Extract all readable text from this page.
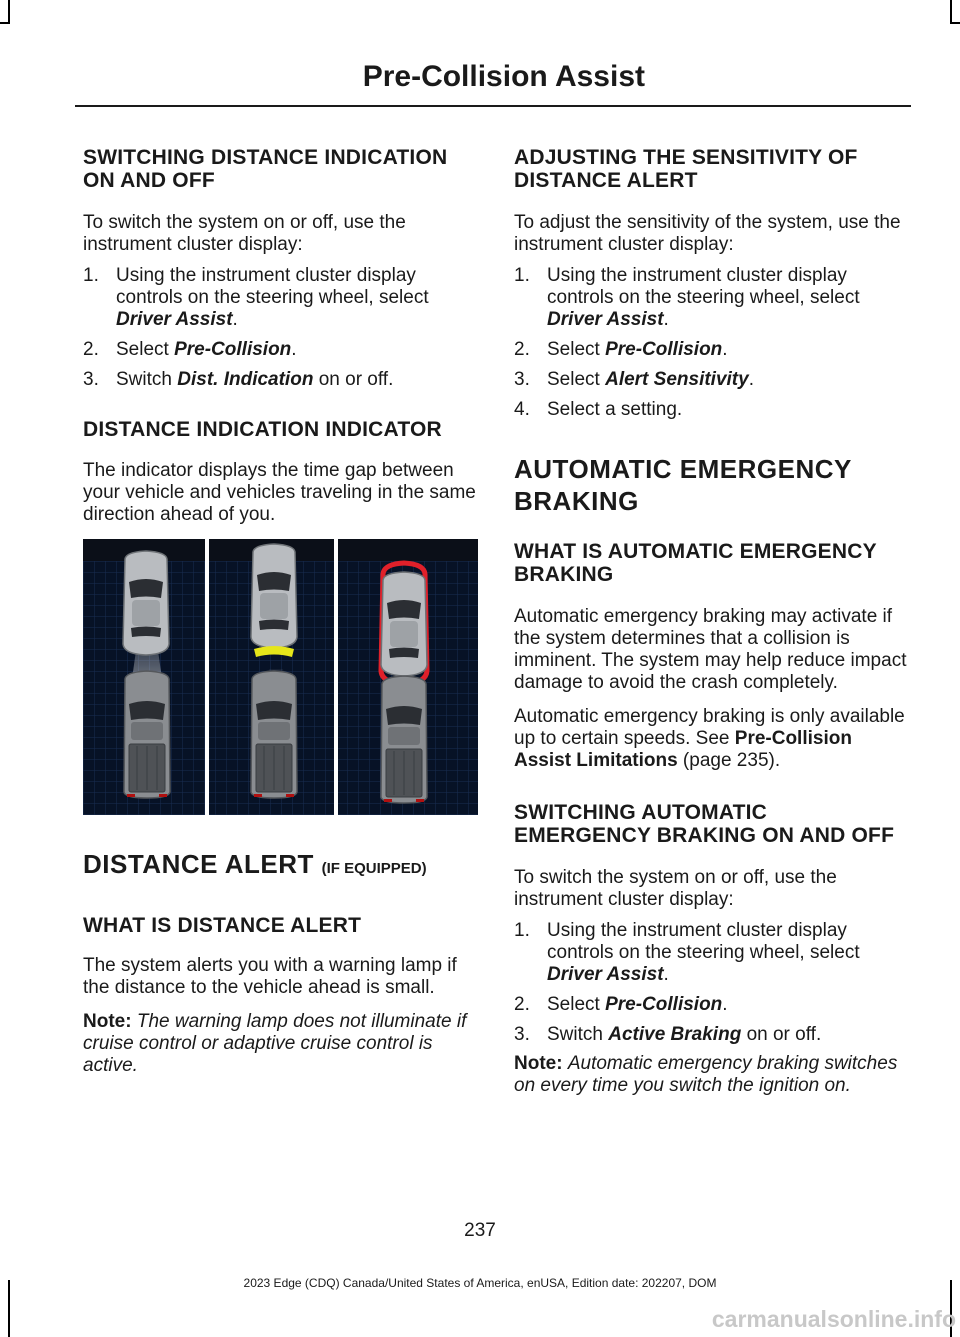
Pre-Collision Assist
SWITCHING DISTANCE INDICATION ON AND OFF

To switch the system on or off, use the instrument cluster display:

1. Using the instrument cluster display controls on the steering wheel, select Driver Assist.
2. Select Pre-Collision.
3. Switch Dist. Indication on or off.
DISTANCE INDICATION INDICATOR

The indicator displays the time gap between your vehicle and vehicles traveling in the same direction ahead of you.

DISTANCE ALERT (IF EQUIPPED)
WHAT IS DISTANCE ALERT

The system alerts you with a warning lamp if the distance to the vehicle ahead is small.

Note: The warning lamp does not illuminate if cruise control or adaptive cruise control is active.

ADJUSTING THE SENSITIVITY OF DISTANCE ALERT

To adjust the sensitivity of the system, use the instrument cluster display:

1. Using the instrument cluster display controls on the steering wheel, select Driver Assist.
2. Select Pre-Collision.
3. Select Alert Sensitivity.
4. Select a setting.
AUTOMATIC EMERGENCY
BRAKING
WHAT IS AUTOMATIC EMERGENCY BRAKING

Automatic emergency braking may activate if the system determines that a collision is imminent. The system may help reduce impact damage to avoid the crash completely.

Automatic emergency braking is only available up to certain speeds. See Pre-Collision Assist Limitations (page 235).

SWITCHING AUTOMATIC EMERGENCY BRAKING ON AND OFF

To switch the system on or off, use the instrument cluster display:

1. Using the instrument cluster display controls on the steering wheel, select Driver Assist.
2. Select Pre-Collision.
3. Switch Active Braking on or off.

Note: Automatic emergency braking switches on every time you switch the ignition on.

237
2023 Edge (CDQ) Canada/United States of America, enUSA, Edition date: 202207, DOM
carmanualsonline.info
